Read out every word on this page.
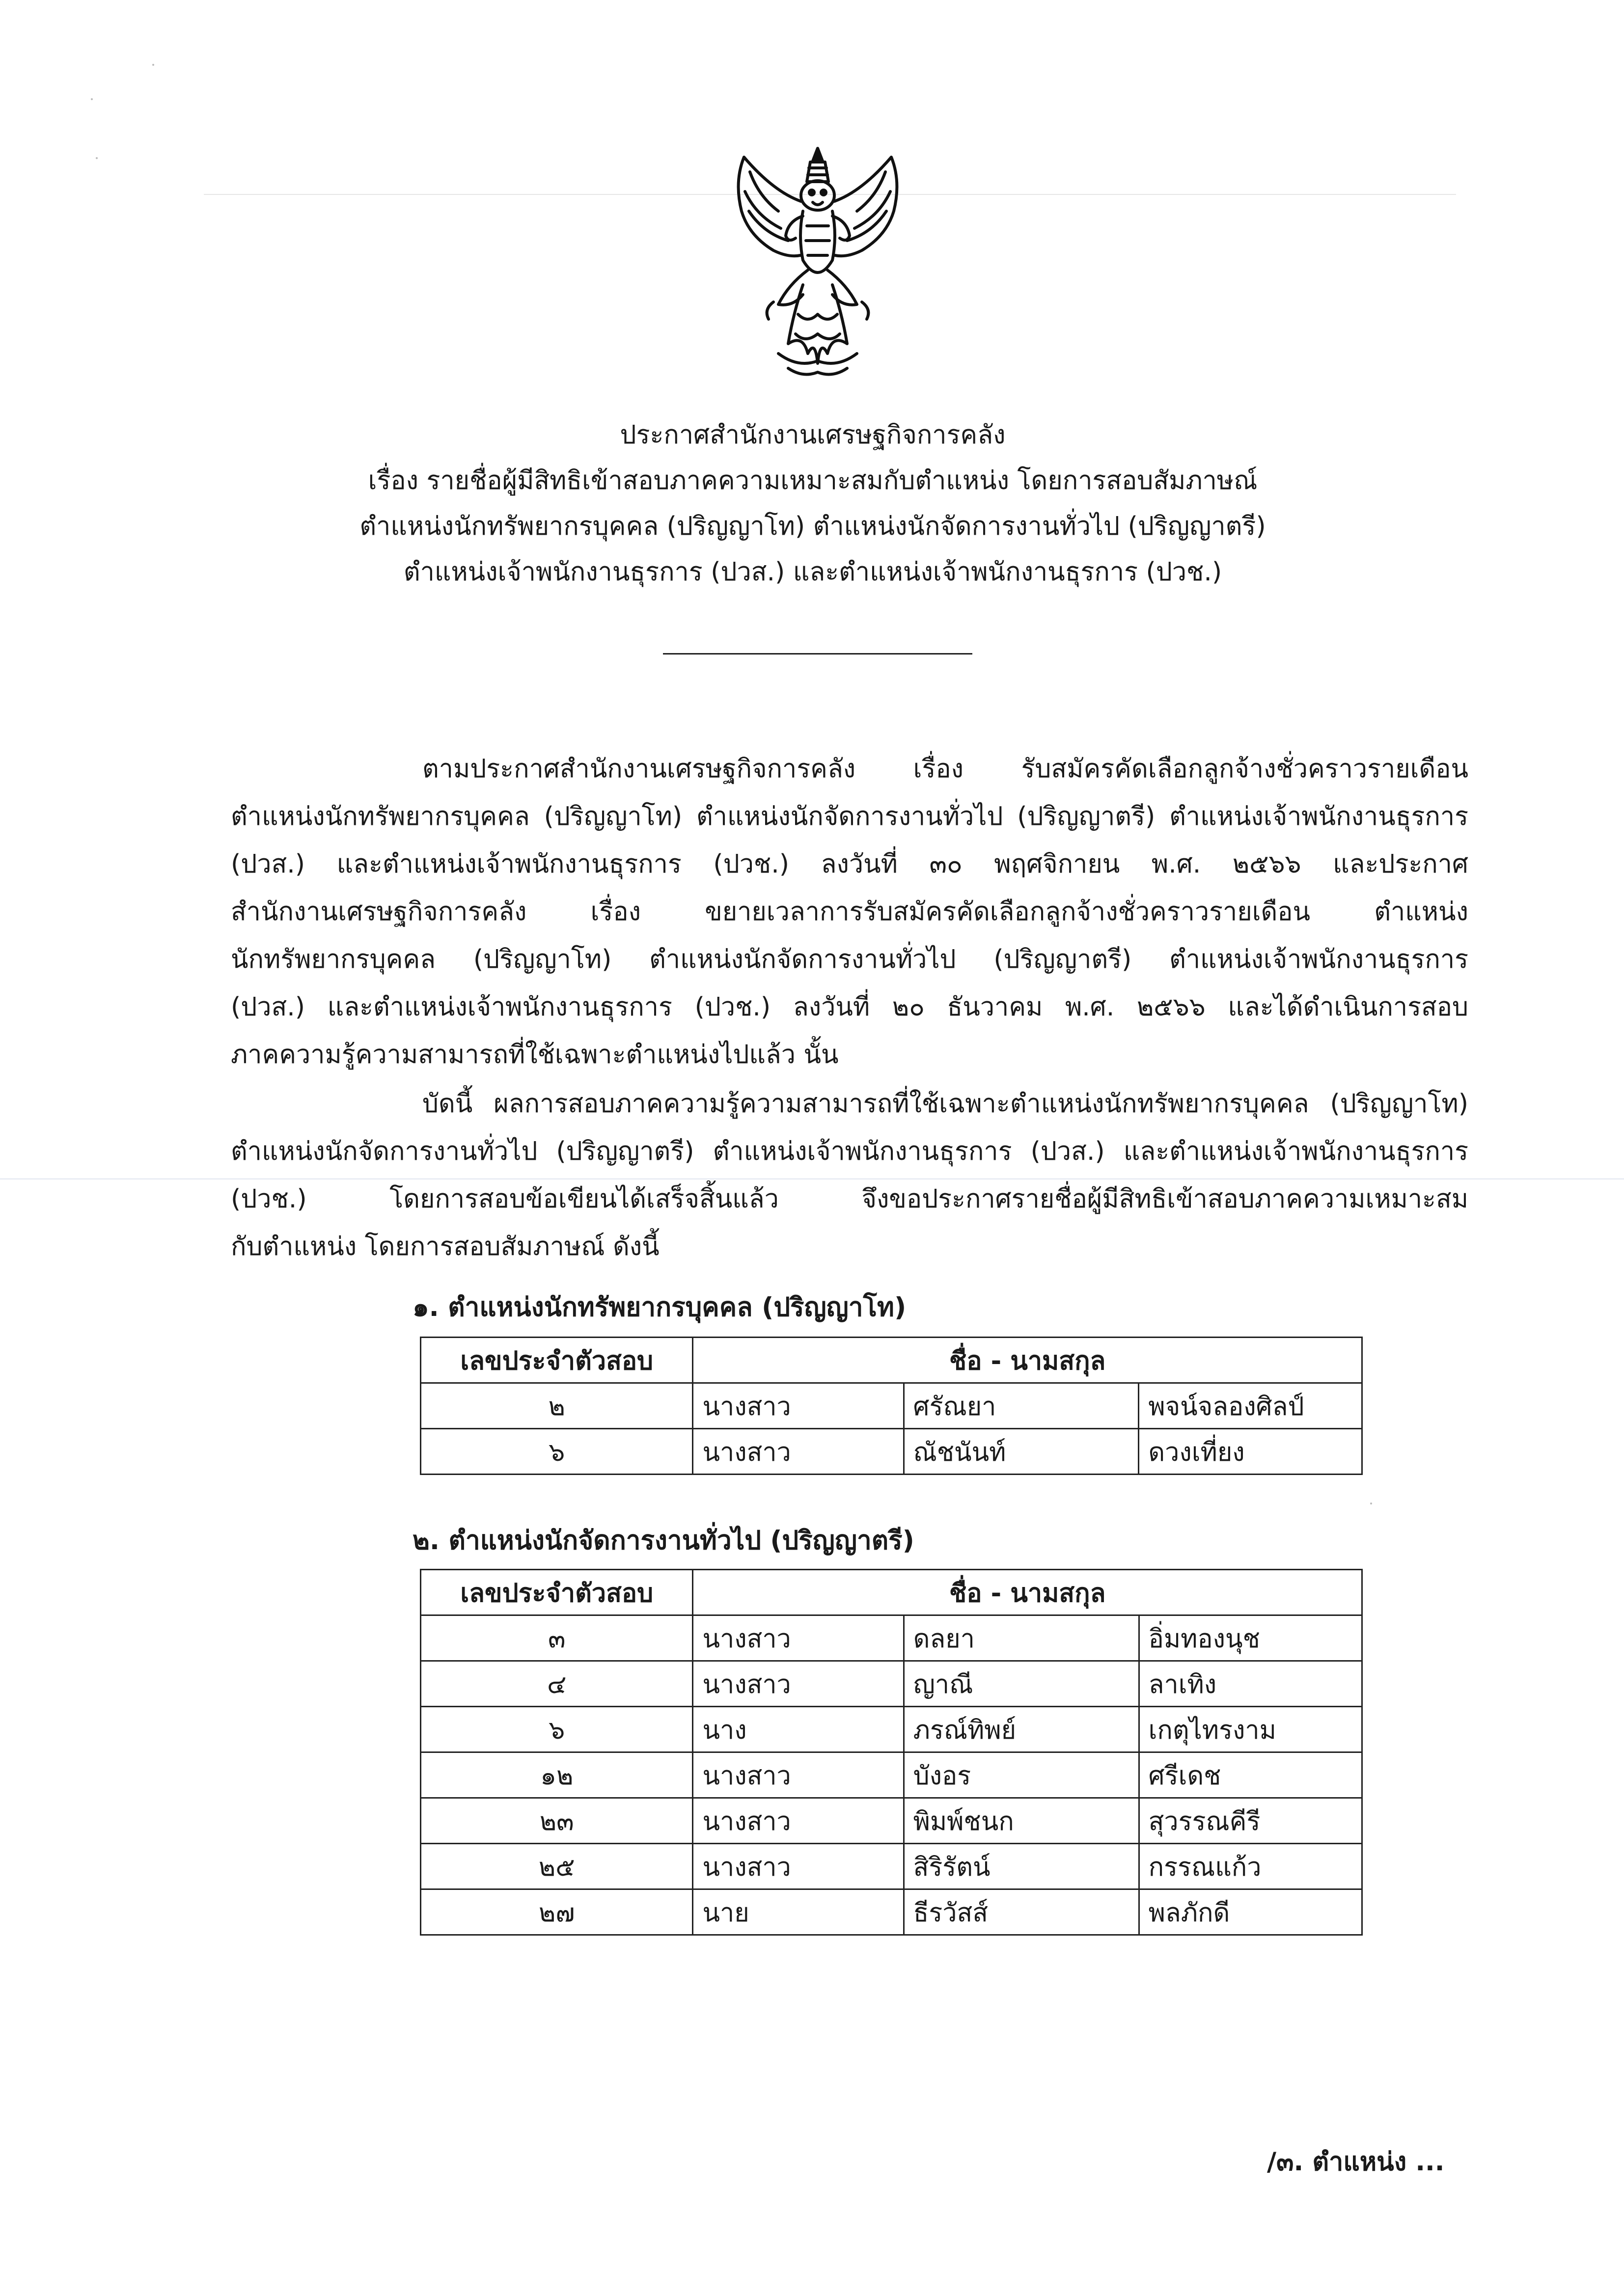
ประกาศสำนักงานเศรษฐกิจการคลัง
เรื่อง รายชื่อผู้มีสิทธิเข้าสอบภาคความเหมาะสมกับตำแหน่ง โดยการสอบสัมภาษณ์
ตำแหน่งนักทรัพยากรบุคคล (ปริญญาโท) ตำแหน่งนักจัดการงานทั่วไป (ปริญญาตรี)
ตำแหน่งเจ้าพนักงานธุรการ (ปวส.) และตำแหน่งเจ้าพนักงานธุรการ (ปวช.)

ตามประกาศสำนักงานเศรษฐกิจการคลัง เรื่อง รับสมัครคัดเลือกลูกจ้างชั่วคราวรายเดือน

ตำแหน่งนักทรัพยากรบุคคล (ปริญญาโท) ตำแหน่งนักจัดการงานทั่วไป (ปริญญาตรี) ตำแหน่งเจ้าพนักงานธุรการ

(ปวส.) และตำแหน่งเจ้าพนักงานธุรการ (ปวช.) ลงวันที่ ๓๐ พฤศจิกายน พ.ศ. ๒๕๖๖ และประกาศ

สำนักงานเศรษฐกิจการคลัง เรื่อง ขยายเวลาการรับสมัครคัดเลือกลูกจ้างชั่วคราวรายเดือน ตำแหน่ง

นักทรัพยากรบุคคล (ปริญญาโท) ตำแหน่งนักจัดการงานทั่วไป (ปริญญาตรี) ตำแหน่งเจ้าพนักงานธุรการ

(ปวส.) และตำแหน่งเจ้าพนักงานธุรการ (ปวช.) ลงวันที่ ๒๐ ธันวาคม พ.ศ. ๒๕๖๖ และได้ดำเนินการสอบ

ภาคความรู้ความสามารถที่ใช้เฉพาะตำแหน่งไปแล้ว นั้น

บัดนี้ ผลการสอบภาคความรู้ความสามารถที่ใช้เฉพาะตำแหน่งนักทรัพยากรบุคคล (ปริญญาโท)

ตำแหน่งนักจัดการงานทั่วไป (ปริญญาตรี) ตำแหน่งเจ้าพนักงานธุรการ (ปวส.) และตำแหน่งเจ้าพนักงานธุรการ

(ปวช.) โดยการสอบข้อเขียนได้เสร็จสิ้นแล้ว จึงขอประกาศรายชื่อผู้มีสิทธิเข้าสอบภาคความเหมาะสม

กับตำแหน่ง โดยการสอบสัมภาษณ์ ดังนี้

๑. ตำแหน่งนักทรัพยากรบุคคล (ปริญญาโท)
เลขประจำตัวสอบ	ชื่อ - นามสกุล		
๒	นางสาว	ศรัณยา	พจน์จลองศิลป์
๖	นางสาว	ณัชนันท์	ดวงเที่ยง
๒. ตำแหน่งนักจัดการงานทั่วไป (ปริญญาตรี)
เลขประจำตัวสอบ	ชื่อ - นามสกุล		
๓	นางสาว	ดลยา	อิ่มทองนุช
๔	นางสาว	ญาณี	ลาเทิง
๖	นาง	ภรณ์ทิพย์	เกตุไทรงาม
๑๒	นางสาว	บังอร	ศรีเดช
๒๓	นางสาว	พิมพ์ชนก	สุวรรณคีรี
๒๕	นางสาว	สิริรัตน์	กรรณแก้ว
๒๗	นาย	ธีรวัสส์	พลภักดี
/๓. ตำแหน่ง ...
